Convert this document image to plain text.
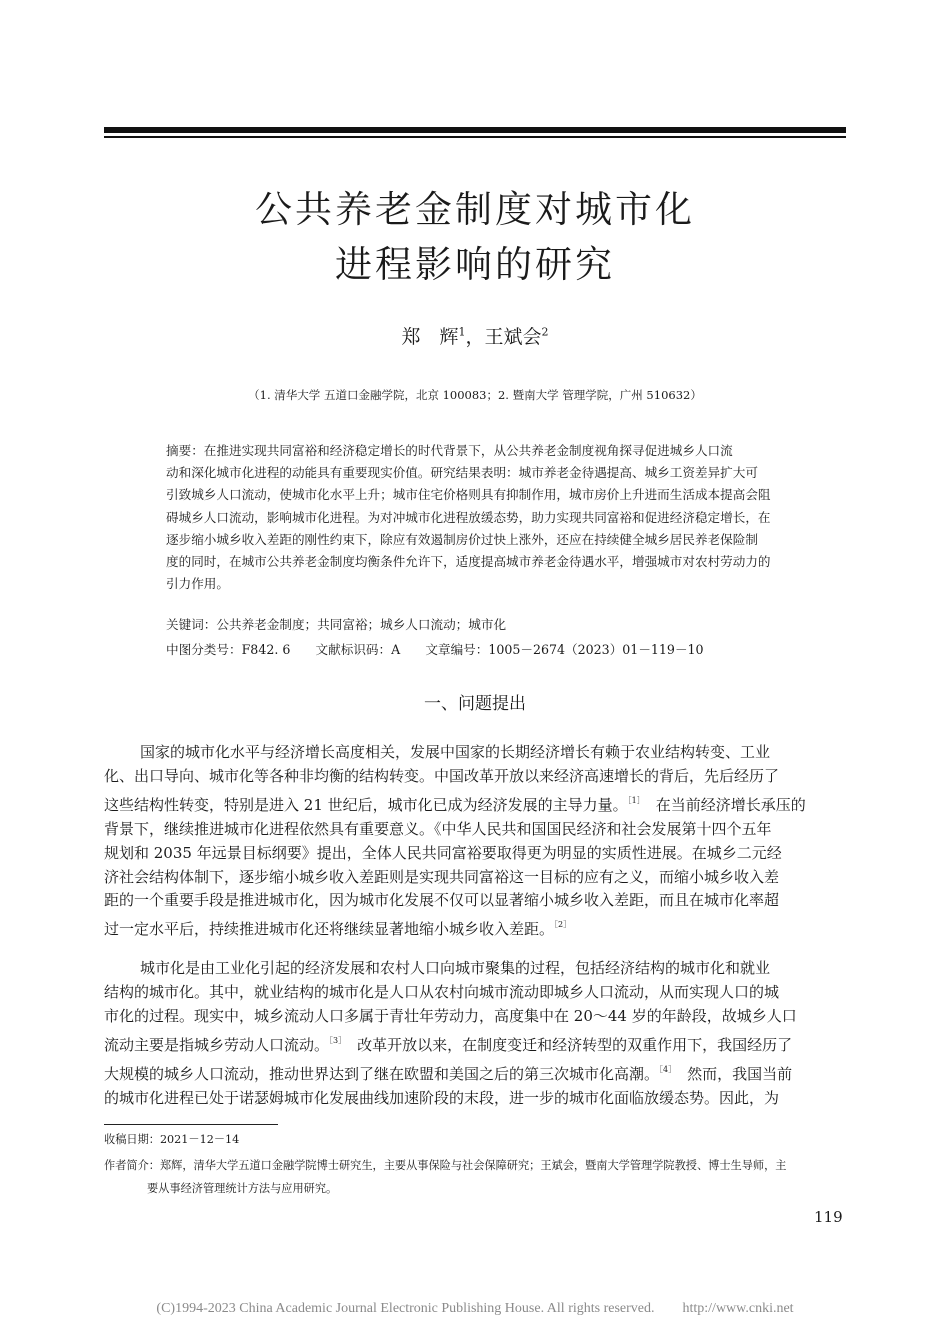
公共养老金制度对城市化
进程影响的研究
郑　辉$^1$，王斌会$^2$
（1. 清华大学 五道口金融学院，北京 100083；2. 暨南大学 管理学院，广州 510632）
摘要：在推进实现共同富裕和经济稳定增长的时代背景下，从公共养老金制度视角探寻促进城乡人口流
动和深化城市化进程的动能具有重要现实价值。研究结果表明：城市养老金待遇提高、城乡工资差异扩大可
引致城乡人口流动，使城市化水平上升；城市住宅价格则具有抑制作用，城市房价上升进而生活成本提高会阻
碍城乡人口流动，影响城市化进程。为对冲城市化进程放缓态势，助力实现共同富裕和促进经济稳定增长，在
逐步缩小城乡收入差距的刚性约束下，除应有效遏制房价过快上涨外，还应在持续健全城乡居民养老保险制
度的同时，在城市公共养老金制度均衡条件允许下，适度提高城市养老金待遇水平，增强城市对农村劳动力的
引力作用。
关键词：公共养老金制度；共同富裕；城乡人口流动；城市化
中图分类号：F842. 6　　文献标识码：A　　文章编号：1005－2674（2023）01－119－10
一、问题提出
国家的城市化水平与经济增长高度相关，发展中国家的长期经济增长有赖于农业结构转变、工业
化、出口导向、城市化等各种非均衡的结构转变。中国改革开放以来经济高速增长的背后，先后经历了
这些结构性转变，特别是进入 21 世纪后，城市化已成为经济发展的主导力量。$^{[1]}$　在当前经济增长承压的
背景下，继续推进城市化进程依然具有重要意义。《中华人民共和国国民经济和社会发展第十四个五年
规划和 2035 年远景目标纲要》提出，全体人民共同富裕要取得更为明显的实质性进展。在城乡二元经
济社会结构体制下，逐步缩小城乡收入差距则是实现共同富裕这一目标的应有之义，而缩小城乡收入差
距的一个重要手段是推进城市化，因为城市化发展不仅可以显著缩小城乡收入差距，而且在城市化率超
过一定水平后，持续推进城市化还将继续显著地缩小城乡收入差距。$^{[2]}$
城市化是由工业化引起的经济发展和农村人口向城市聚集的过程，包括经济结构的城市化和就业
结构的城市化。其中，就业结构的城市化是人口从农村向城市流动即城乡人口流动，从而实现人口的城
市化的过程。现实中，城乡流动人口多属于青壮年劳动力，高度集中在 20～44 岁的年龄段，故城乡人口
流动主要是指城乡劳动人口流动。$^{[3]}$　改革开放以来，在制度变迁和经济转型的双重作用下，我国经历了
大规模的城乡人口流动，推动世界达到了继在欧盟和美国之后的第三次城市化高潮。$^{[4]}$　然而，我国当前
的城市化进程已处于诺瑟姆城市化发展曲线加速阶段的末段，进一步的城市化面临放缓态势。因此，为
收稿日期：2021－12－14
作者简介：郑辉，清华大学五道口金融学院博士研究生，主要从事保险与社会保障研究；王斌会，暨南大学管理学院教授、博士生导师，主
要从事经济管理统计方法与应用研究。
119
(C)1994-2023 China Academic Journal Electronic Publishing House. All rights reserved.　　http://www.cnki.net
